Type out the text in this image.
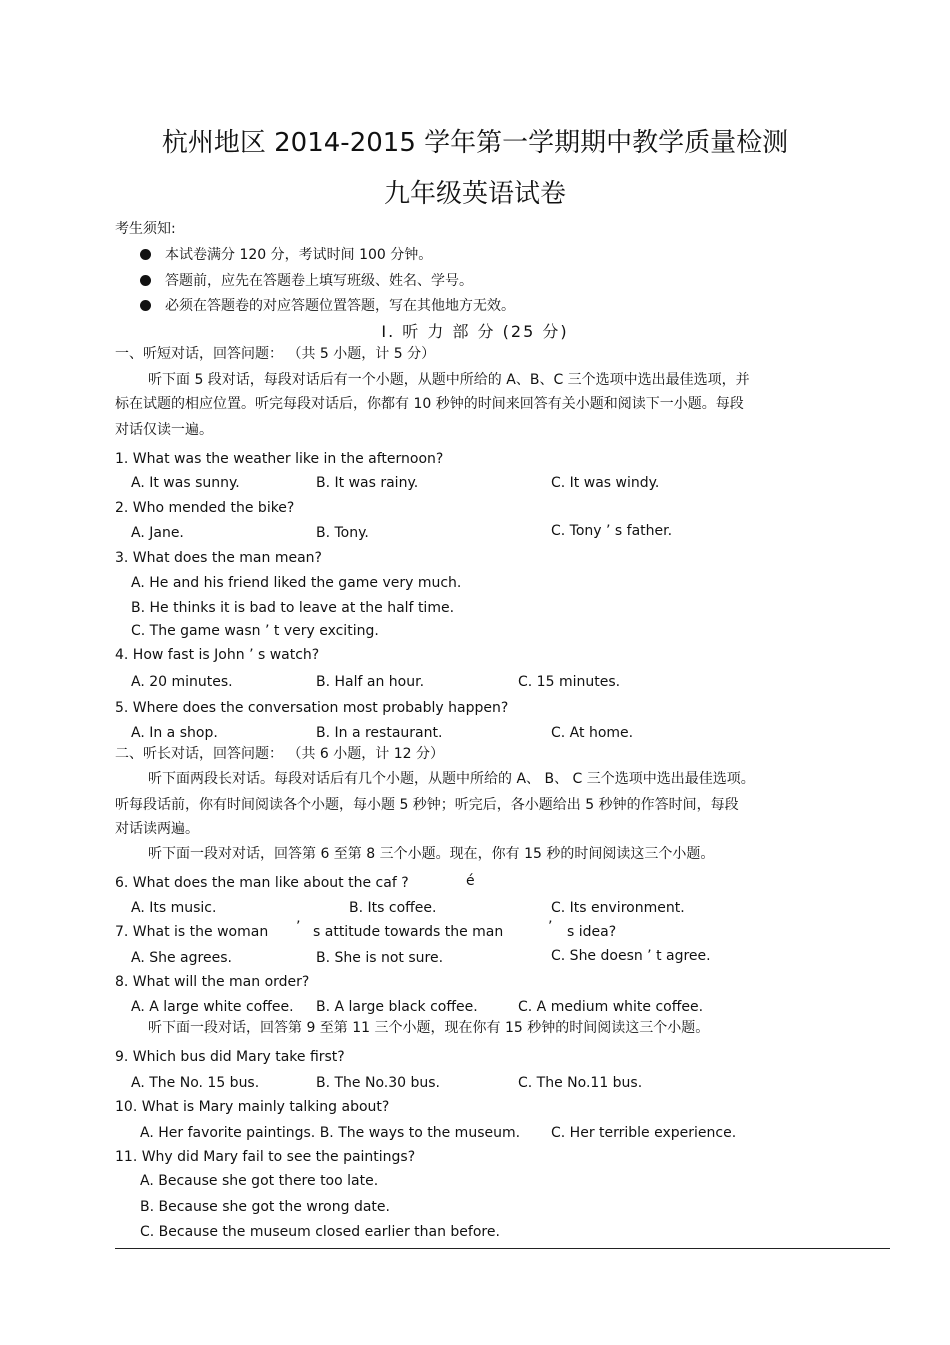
杭州地区 2014-2015 学年第一学期期中教学质量检测
九年级英语试卷
考生须知:
本试卷满分 120 分，考试时间 100 分钟。
答题前，应先在答题卷上填写班级、姓名、学号。
必须在答题卷的对应答题位置答题，写在其他地方无效。
Ⅰ. 听 力 部 分 (25 分)
一、听短对话，回答问题： （共 5 小题，计 5 分）
听下面 5 段对话，每段对话后有一个小题，从题中所给的 A、B、C 三个选项中选出最佳选项，并
标在试题的相应位置。听完每段对话后，你都有 10 秒钟的时间来回答有关小题和阅读下一小题。每段
对话仅读一遍。
1. What was the weather like in the afternoon?
A. It was sunny.	B. It was rainy.	C. It was windy.
2. Who mended the bike?
A. Jane.	B. Tony.	C. Tony ’ s father.
3. What does the man mean?
A. He and his friend liked the game very much.
B. He thinks it is bad to leave at the half time.
C. The game wasn ’ t very exciting.
4. How fast is John ’ s watch?
A. 20 minutes.	B. Half an hour.	C. 15 minutes.
5. Where does the conversation most probably happen?
A. In a shop.	B. In a restaurant.	C. At home.
二、听长对话，回答问题： （共 6 小题，计 12 分）
听下面两段长对话。每段对话后有几个小题，从题中所给的 A、 B、 C 三个选项中选出最佳选项。
听每段话前，你有时间阅读各个小题，每小题 5 秒钟；听完后，各小题给出 5 秒钟的作答时间，每段
对话读两遍。
听下面一段对对话，回答第 6 至第 8 三个小题。现在，你有 15 秒的时间阅读这三个小题。
6. What does the man like about the caf ?	é
A. Its music.	B. Its coffee.	C. Its environment.
7. What is the woman ’ s attitude towards the man	’ s idea?
A. She agrees.	B. She is not sure.	C. She doesn ’ t agree.
8. What will the man order?
A. A large white coffee. B. A large black coffee.	C. A medium white coffee.
听下面一段对话，回答第 9 至第 11 三个小题，现在你有 15 秒钟的时间阅读这三个小题。
9. Which bus did Mary take first?
A. The No. 15 bus.	B. The No.30 bus.	C. The No.11 bus.
10. What is Mary mainly talking about?
A. Her favorite paintings. B. The ways to the museum. C. Her terrible experience.
11. Why did Mary fail to see the paintings?
A. Because she got there too late.
B. Because she got the wrong date.
C. Because the museum closed earlier than before.
